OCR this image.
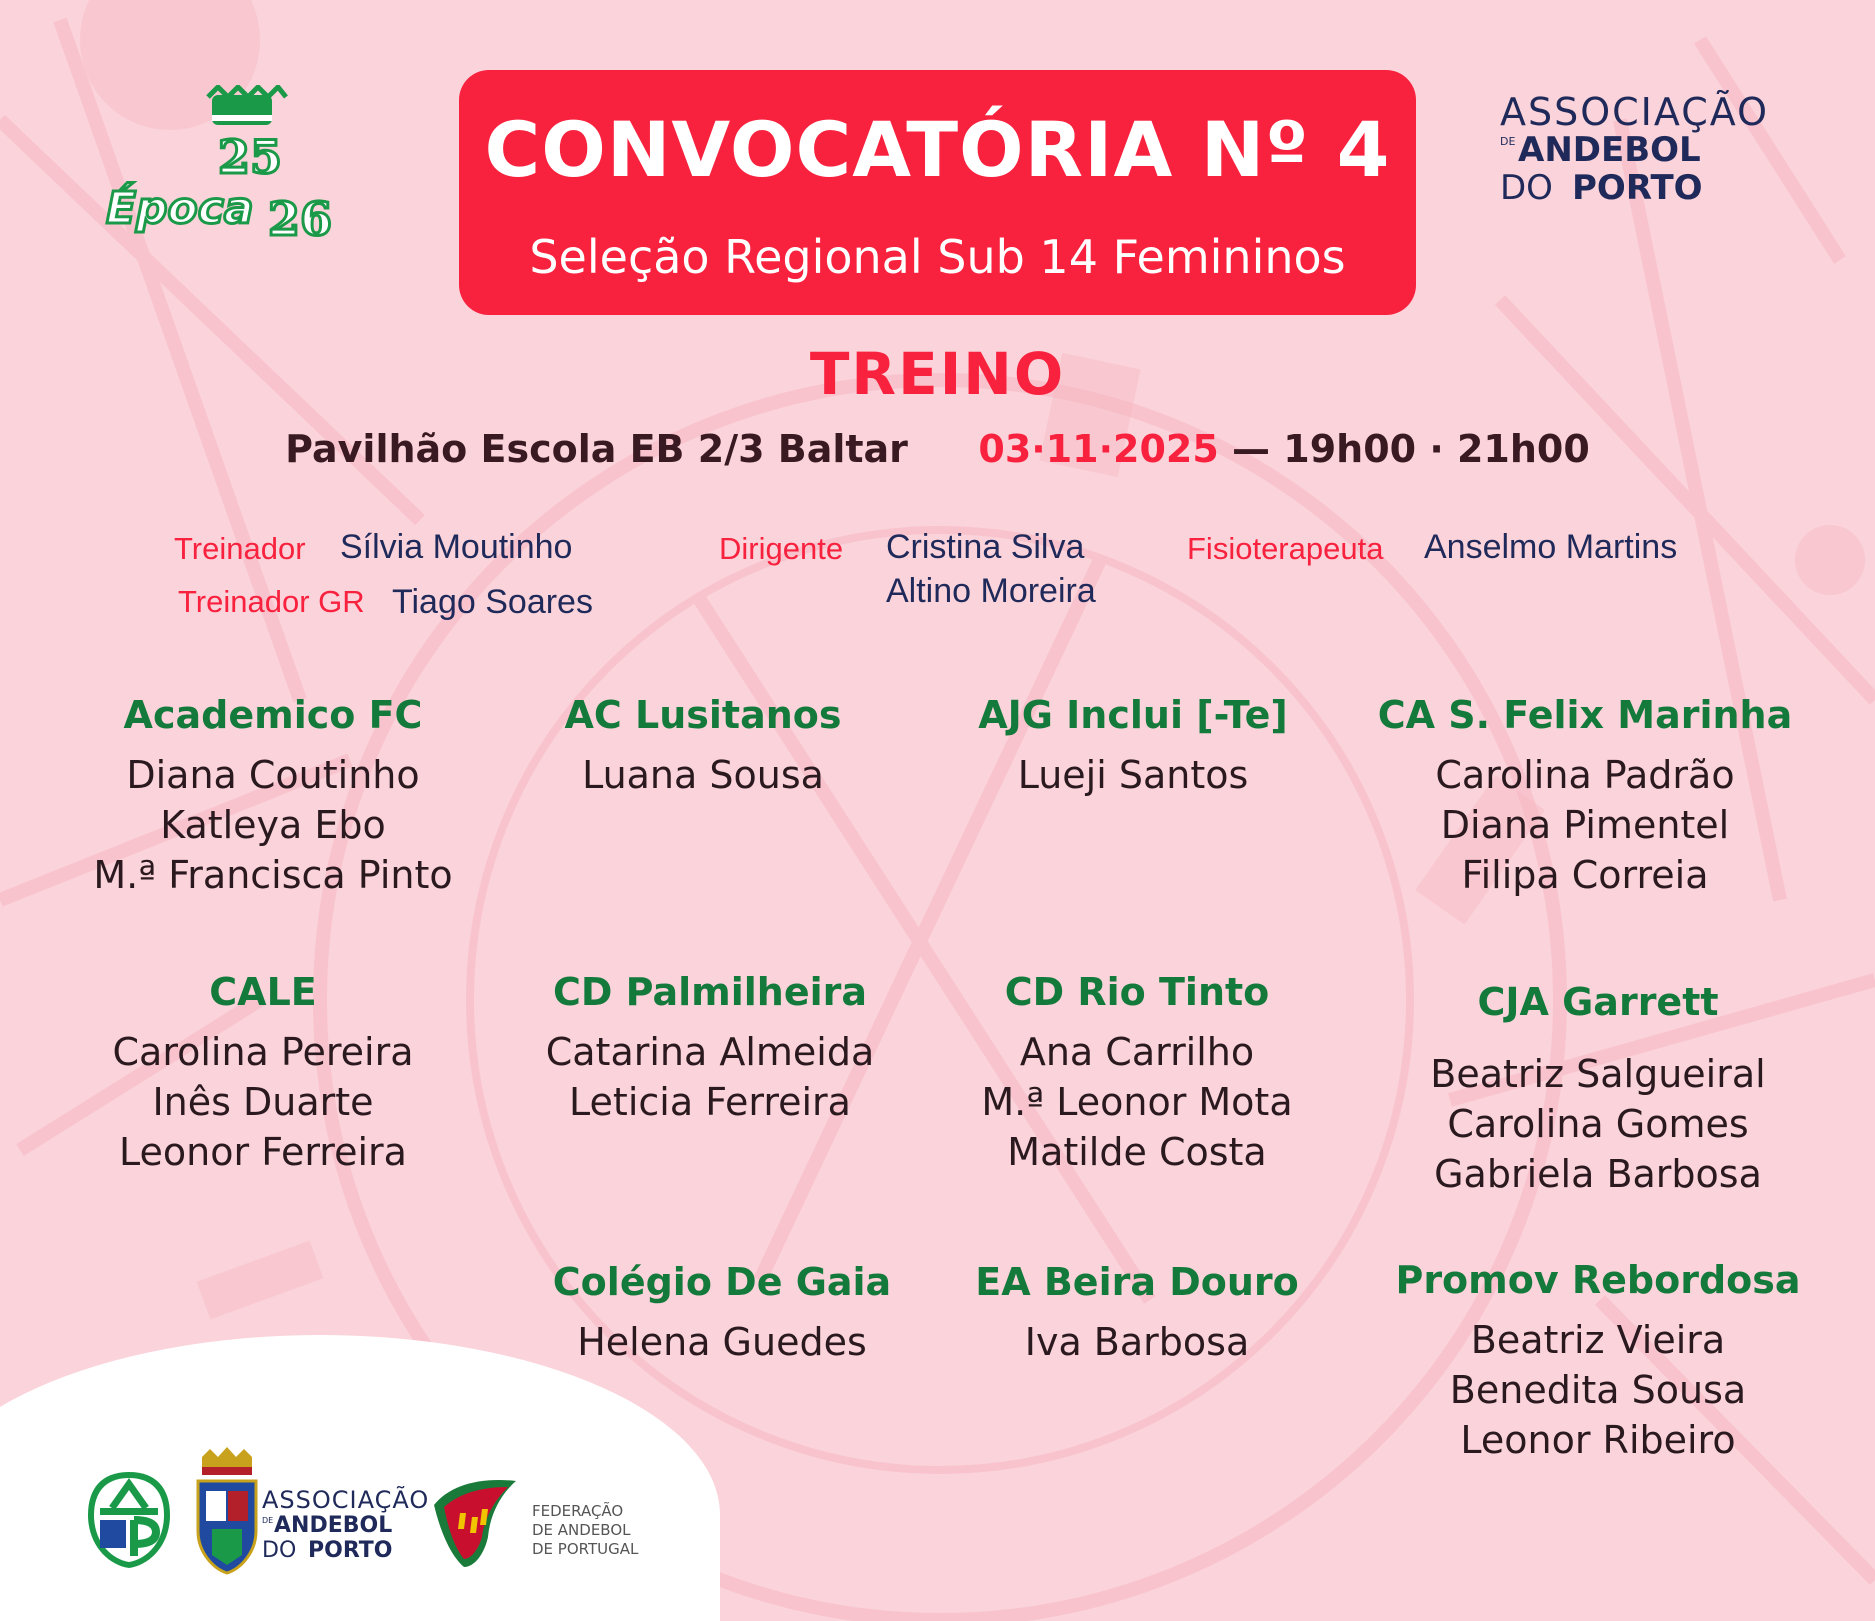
25
Época 26
CONVOCATÓRIA Nº 4
Seleção Regional Sub 14 Femininos
ASSOCIAÇÃO
DE ANDEBOL
DO PORTO
TREINO
Pavilhão Escola EB 2/3 Baltar 03·11·2025 — 19h00 · 21h00
Treinador Sílvia Moutinho
Treinador GR Tiago Soares
Dirigente Cristina Silva
Altino Moreira
Fisioterapeuta Anselmo Martins
Academico FC
Diana Coutinho
Katleya Ebo
M.ª Francisca Pinto
AC Lusitanos
Luana Sousa
AJG Inclui [-Te]
Lueji Santos
CA S. Felix Marinha
Carolina Padrão
Diana Pimentel
Filipa Correia
CALE
Carolina Pereira
Inês Duarte
Leonor Ferreira
CD Palmilheira
Catarina Almeida
Leticia Ferreira
CD Rio Tinto
Ana Carrilho
M.ª Leonor Mota
Matilde Costa
CJA Garrett
Beatriz Salgueiral
Carolina Gomes
Gabriela Barbosa
Colégio De Gaia
Helena Guedes
EA Beira Douro
Iva Barbosa
Promov Rebordosa
Beatriz Vieira
Benedita Sousa
Leonor Ribeiro
ASSOCIAÇÃO
DE ANDEBOL
DO PORTO
FEDERAÇÃO
DE ANDEBOL
DE PORTUGAL
